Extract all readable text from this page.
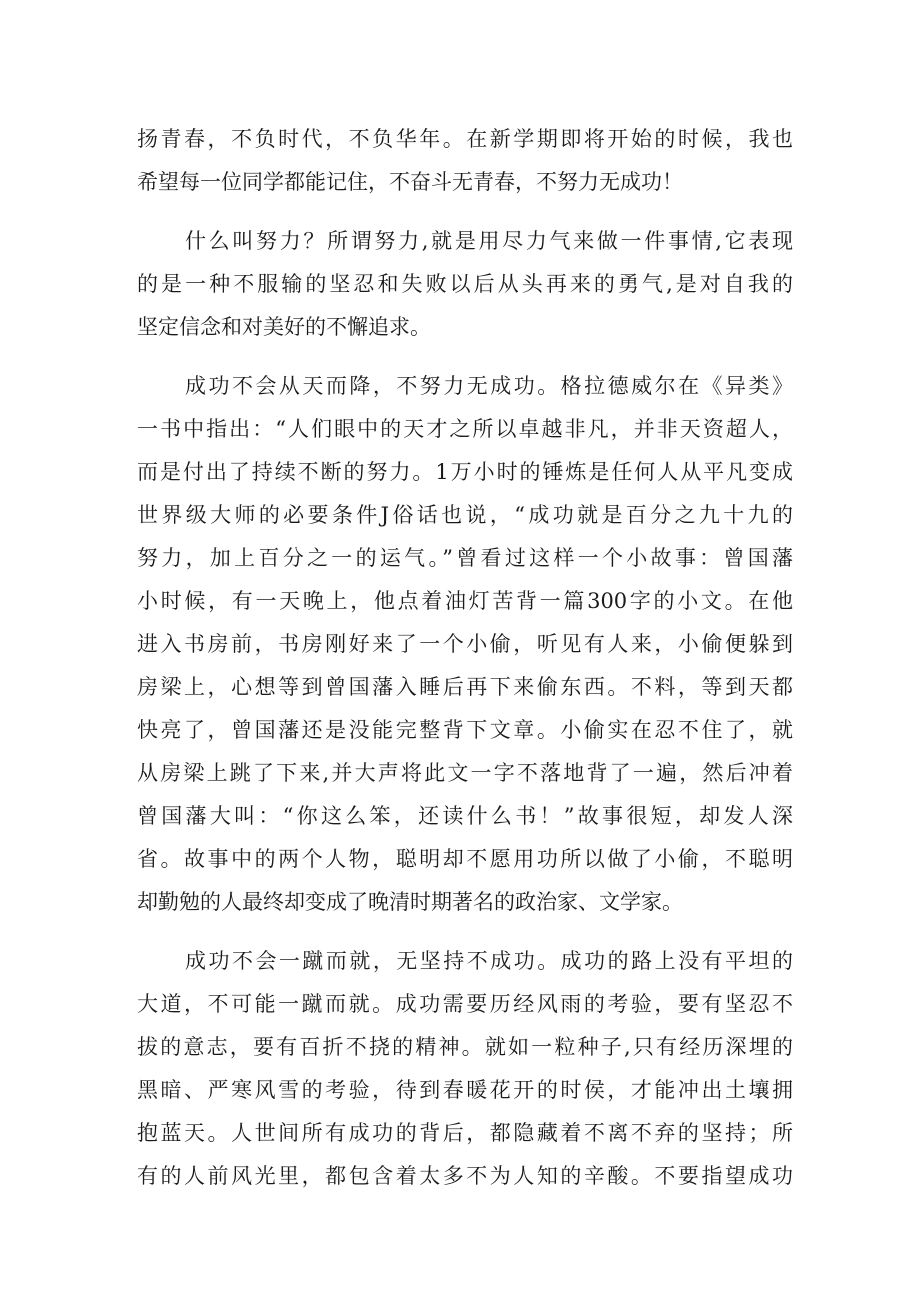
扬青春，不负时代，不负华年。在新学期即将开始的时候，我也
希望每一位同学都能记住，不奋斗无青春，不努力无成功！
什么叫努力？所谓努力,就是用尽力气来做一件事情,它表现
的是一种不服输的坚忍和失败以后从头再来的勇气,是对自我的
坚定信念和对美好的不懈追求。
成功不会从天而降，不努力无成功。格拉德威尔在《异类》
一书中指出：“人们眼中的天才之所以卓越非凡，并非天资超人，
而是付出了持续不断的努力。1万小时的锤炼是任何人从平凡变成
世界级大师的必要条件J俗话也说，“成功就是百分之九十九的
努力，加上百分之一的运气。”曾看过这样一个小故事：曾国藩
小时候，有一天晚上，他点着油灯苦背一篇300字的小文。在他
进入书房前，书房刚好来了一个小偷，听见有人来，小偷便躲到
房梁上，心想等到曾国藩入睡后再下来偷东西。不料，等到天都
快亮了，曾国藩还是没能完整背下文章。小偷实在忍不住了，就
从房梁上跳了下来,并大声将此文一字不落地背了一遍，然后冲着
曾国藩大叫：“你这么笨，还读什么书！”故事很短，却发人深
省。故事中的两个人物，聪明却不愿用功所以做了小偷，不聪明
却勤勉的人最终却变成了晚清时期著名的政治家、文学家。
成功不会一蹴而就，无坚持不成功。成功的路上没有平坦的
大道，不可能一蹴而就。成功需要历经风雨的考验，要有坚忍不
拔的意志，要有百折不挠的精神。就如一粒种子,只有经历深埋的
黑暗、严寒风雪的考验，待到春暖花开的时侯，才能冲出土壤拥
抱蓝天。人世间所有成功的背后，都隐藏着不离不弃的坚持；所
有的人前风光里，都包含着太多不为人知的辛酸。不要指望成功
